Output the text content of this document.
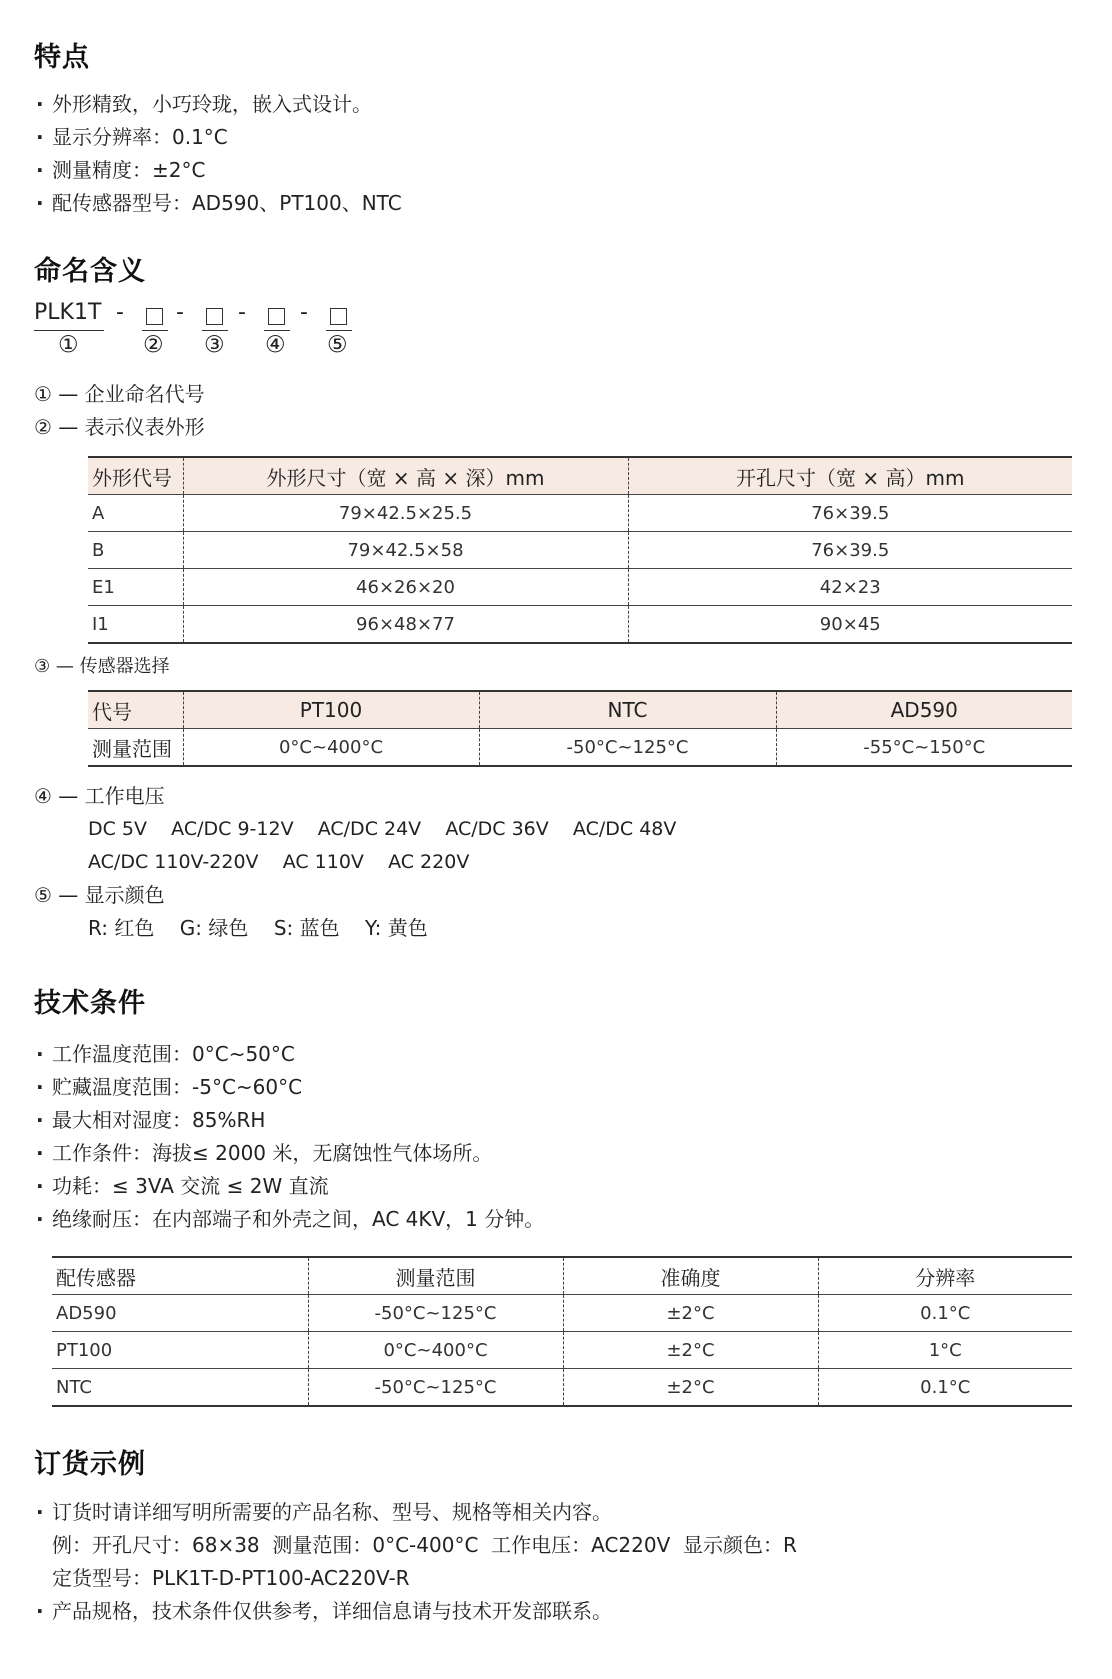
特点
· 外形精致，小巧玲珑，嵌入式设计。
· 显示分辨率：0.1°C
· 测量精度：±2°C
· 配传感器型号：AD590、PT100、NTC
命名含义
PLK1T - - - -
①	② ③ ④ ⑤
① — 企业命名代号
② — 表示仪表外形
外形代号	外形尺寸（宽 × 高 × 深）mm	开孔尺寸（宽 × 高）mm
A	79×42.5×25.5	76×39.5
B	79×42.5×58	76×39.5
E1	46×26×20	42×23
I1	96×48×77	90×45
③ — 传感器选择
代号	PT100	NTC	AD590
测量范围	0°C~400°C	-50°C~125°C	-55°C~150°C
④ — 工作电压
DC 5V    AC/DC 9-12V    AC/DC 24V    AC/DC 36V    AC/DC 48V
AC/DC 110V-220V    AC 110V    AC 220V
⑤ — 显示颜色
R: 红色    G: 绿色    S: 蓝色    Y: 黄色
技术条件
· 工作温度范围：0°C~50°C
· 贮藏温度范围：-5°C~60°C
· 最大相对湿度：85%RH
· 工作条件：海拔≤ 2000 米，无腐蚀性气体场所。
· 功耗：≤ 3VA 交流 ≤ 2W 直流
· 绝缘耐压：在内部端子和外壳之间，AC 4KV，1 分钟。
配传感器	测量范围	准确度	分辨率
AD590	-50°C~125°C	±2°C	0.1°C
PT100	0°C~400°C	±2°C	1°C
NTC	-50°C~125°C	±2°C	0.1°C
订货示例
· 订货时请详细写明所需要的产品名称、型号、规格等相关内容。
例：开孔尺寸：68×38  测量范围：0°C-400°C  工作电压：AC220V  显示颜色：R
定货型号：PLK1T-D-PT100-AC220V-R
· 产品规格，技术条件仅供参考，详细信息请与技术开发部联系。
